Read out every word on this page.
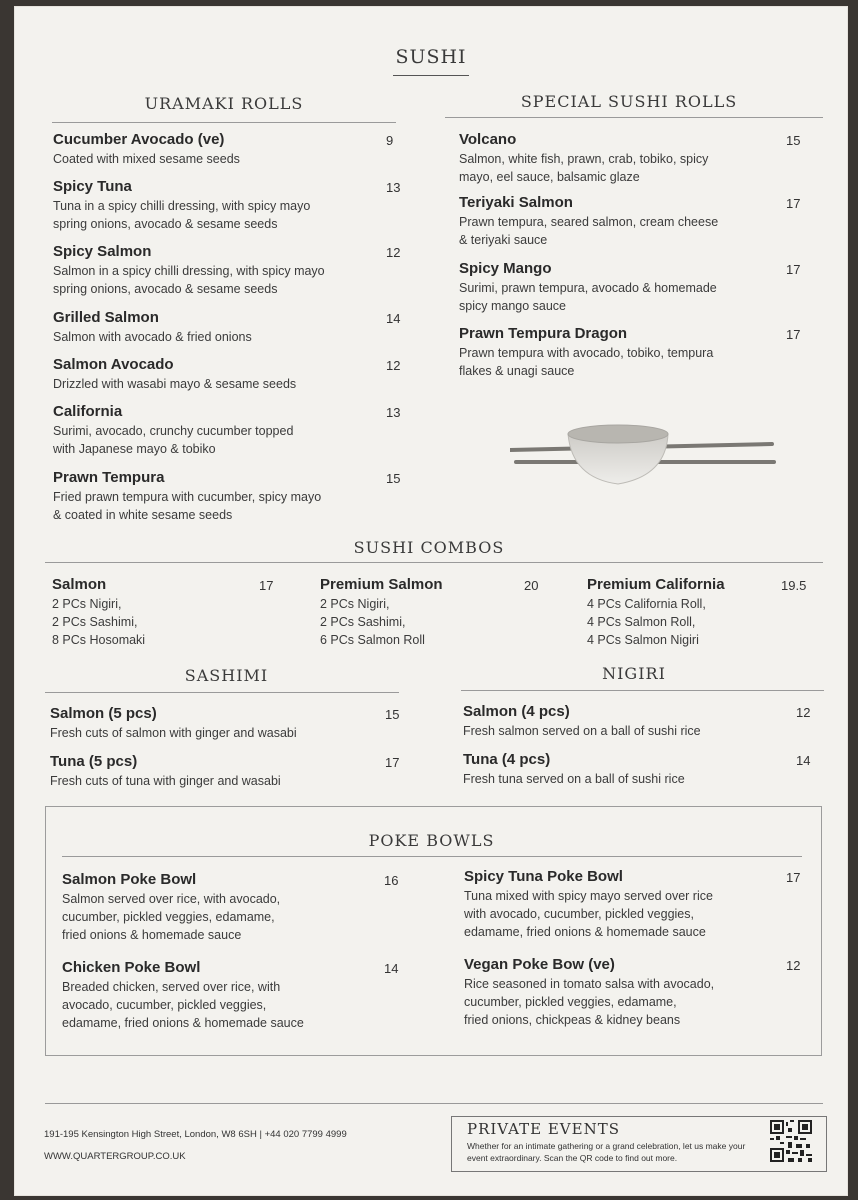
SUSHI
URAMAKI ROLLS	SPECIAL SUSHI ROLLS
SUSHI COMBOS
SASHIMI	NIGIRI
POKE BOWLS
191-195 Kensington High Street, London, W8 6SH | +44 020 7799 4999
WWW.QUARTERGROUP.CO.UK
PRIVATE EVENTS
Whether for an intimate gathering or a grand celebration, let us make your event extraordinary. Scan the QR code to find out more.
Cucumber Avocado (ve)
Coated with mixed sesame seeds
9
Spicy Tuna
Tuna in a spicy chilli dressing, with spicy mayo
spring onions, avocado & sesame seeds
13
Spicy Salmon
Salmon in a spicy chilli dressing, with spicy mayo
spring onions, avocado & sesame seeds
12
Grilled Salmon
Salmon with avocado & fried onions
14
Salmon Avocado
Drizzled with wasabi mayo & sesame seeds
12
California
Surimi, avocado, crunchy cucumber topped
with Japanese mayo & tobiko
13
Prawn Tempura
Fried prawn tempura with cucumber, spicy mayo
& coated in white sesame seeds
15
Volcano
Salmon, white fish, prawn, crab, tobiko, spicy
mayo, eel sauce, balsamic glaze
15
Teriyaki Salmon
Prawn tempura, seared salmon, cream cheese
& teriyaki sauce
17
Spicy Mango
Surimi, prawn tempura, avocado & homemade
spicy mango sauce
17
Prawn Tempura Dragon
Prawn tempura with avocado, tobiko, tempura
flakes & unagi sauce
17
Salmon (5 pcs)
Fresh cuts of salmon with ginger and wasabi
15
Tuna (5 pcs)
Fresh cuts of tuna with ginger and wasabi
17
Salmon (4 pcs)
Fresh salmon served on a ball of sushi rice
12
Tuna (4 pcs)
Fresh tuna served on a ball of sushi rice
14
Salmon
2 PCs Nigiri,
2 PCs Sashimi,
8 PCs Hosomaki
17	Premium Salmon
2 PCs Nigiri,
2 PCs Sashimi,
6 PCs Salmon Roll
20	Premium California
4 PCs California Roll,
4 PCs Salmon Roll,
4 PCs Salmon Nigiri
19.5
Salmon Poke Bowl
Salmon served over rice, with avocado,
cucumber, pickled veggies, edamame,
fried onions & homemade sauce
16
Chicken Poke Bowl
Breaded chicken, served over rice, with
avocado, cucumber, pickled veggies,
edamame, fried onions & homemade sauce
14
Spicy Tuna Poke Bowl
Tuna mixed with spicy mayo served over rice
with avocado, cucumber, pickled veggies,
edamame, fried onions & homemade sauce
17
Vegan Poke Bow (ve)
Rice seasoned in tomato salsa with avocado,
cucumber, pickled veggies, edamame,
fried onions, chickpeas & kidney beans
12
